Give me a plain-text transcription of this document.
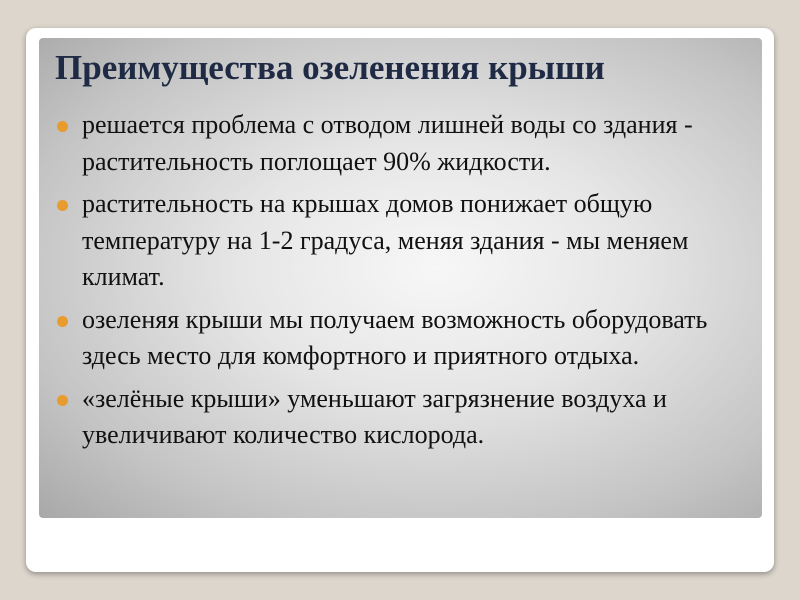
Преимущества озеленения крыши
решается проблема с отводом лишней воды со здания - растительность поглощает 90% жидкости.
растительность на крышах домов понижает общую температуру на 1-2 градуса, меняя здания - мы меняем климат.
озеленяя крыши мы получаем возможность оборудовать здесь место для комфортного и приятного отдыха.
«зелёные крыши» уменьшают загрязнение воздуха и увеличивают количество кислорода.
